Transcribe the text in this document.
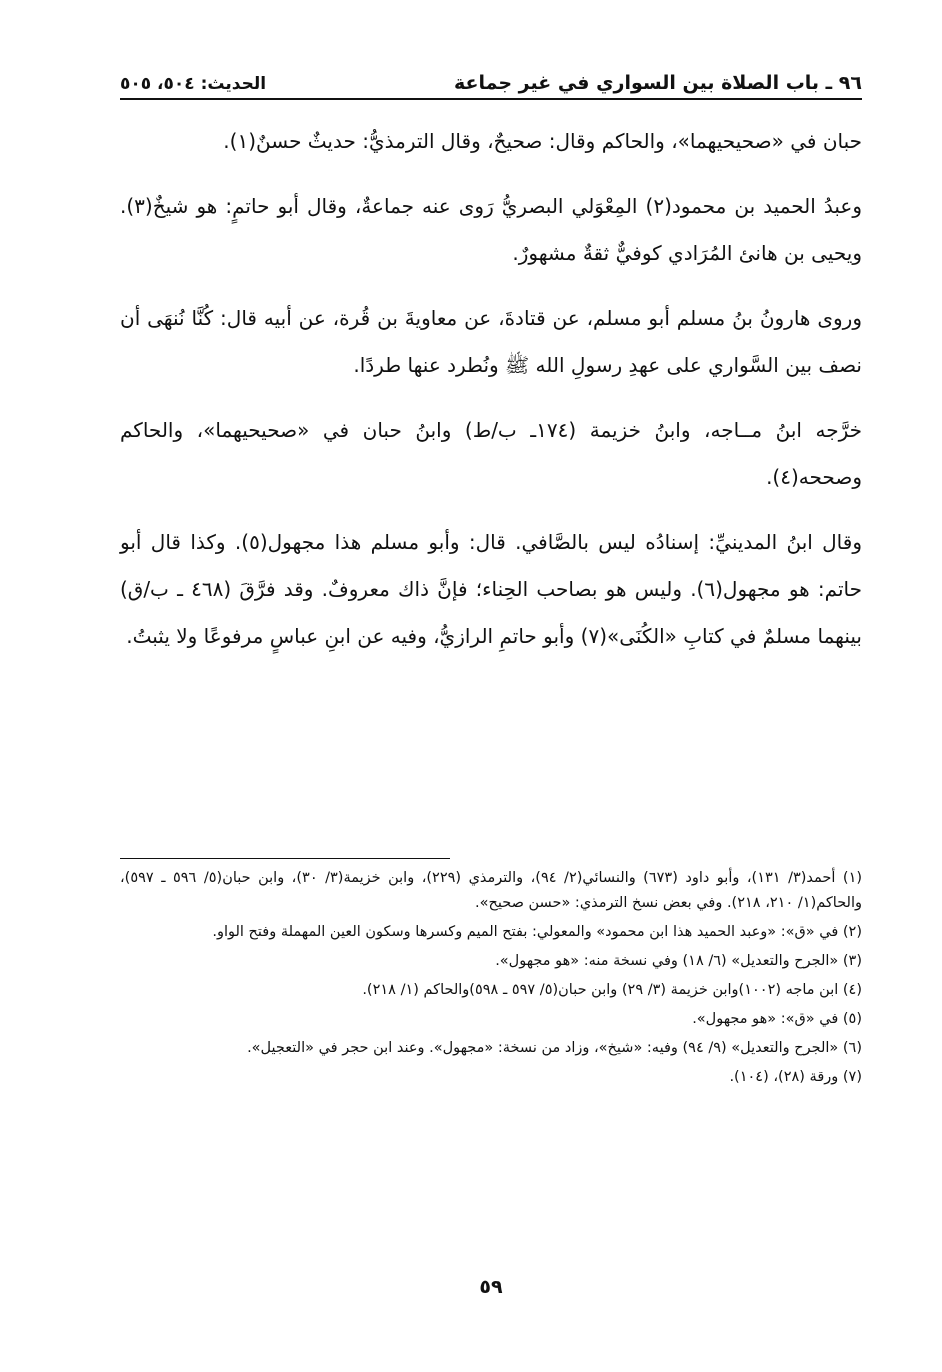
٩٦ ـ باب الصلاة بين السواري في غير جماعة
الحديث: ٥٠٤، ٥٠٥

حبان في «صحيحيهما»، والحاكم وقال: صحيحٌ، وقال الترمذيُّ: حديثٌ حسنٌ(١).

وعبدُ الحميد بن محمود(٢) المِعْوَلي البصريُّ رَوى عنه جماعةٌ، وقال أبو حاتمٍ: هو شيخٌ(٣). ويحيى بن هانئ المُرَادي كوفيٌّ ثقةٌ مشهورٌ.

وروى هارونُ بنُ مسلم أبو مسلم، عن قتادةَ، عن معاويةَ بن قُرة، عن أبيه قال: كُنَّا نُنهَى أن نصف بين السَّواري على عهدِ رسولِ الله ﷺ ونُطرد عنها طردًا.

خرَّجه ابنُ مــاجه، وابنُ خزيمة (١٧٤ـ ب/ط) وابنُ حبان في «صحيحيهما»، والحاكم وصححه(٤).

وقال ابنُ المدينيِّ: إسنادُه ليس بالصَّافي. قال: وأبو مسلم هذا مجهول(٥). وكذا قال أبو حاتم: هو مجهول(٦). وليس هو بصاحب الحِناء؛ فإنَّ ذاك معروفٌ. وقد فرَّقَ (٤٦٨ ـ ب/ق) بينهما مسلمٌ في كتابِ «الكُنَى»(٧) وأبو حاتمِ الرازيُّ، وفيه عن ابنِ عباسٍ مرفوعًا ولا يثبتُ.

(١) أحمد(٣/ ١٣١)، وأبو داود (٦٧٣) والنسائي(٢/ ٩٤)، والترمذي (٢٢٩)، وابن خزيمة(٣/ ٣٠)، وابن حبان(٥/ ٥٩٦ ـ ٥٩٧)، والحاكم(١/ ٢١٠، ٢١٨). وفي بعض نسخ الترمذي: «حسن صحيح».

(٢) في «ق»: «وعبد الحميد هذا ابن محمود» والمعولي: بفتح الميم وكسرها وسكون العين المهملة وفتح الواو.

(٣) «الجرح والتعديل» (٦/ ١٨) وفي نسخة منه: «هو مجهول».

(٤) ابن ماجه (١٠٠٢)وابن خزيمة (٣/ ٢٩) وابن حبان(٥/ ٥٩٧ ـ ٥٩٨)والحاكم (١/ ٢١٨).

(٥) في «ق»: «هو مجهول».

(٦) «الجرح والتعديل» (٩/ ٩٤) وفيه: «شيخ»، وزاد من نسخة: «مجهول». وعند ابن حجر في «التعجيل».

(٧) ورقة (٢٨)، (١٠٤).

٥٩
